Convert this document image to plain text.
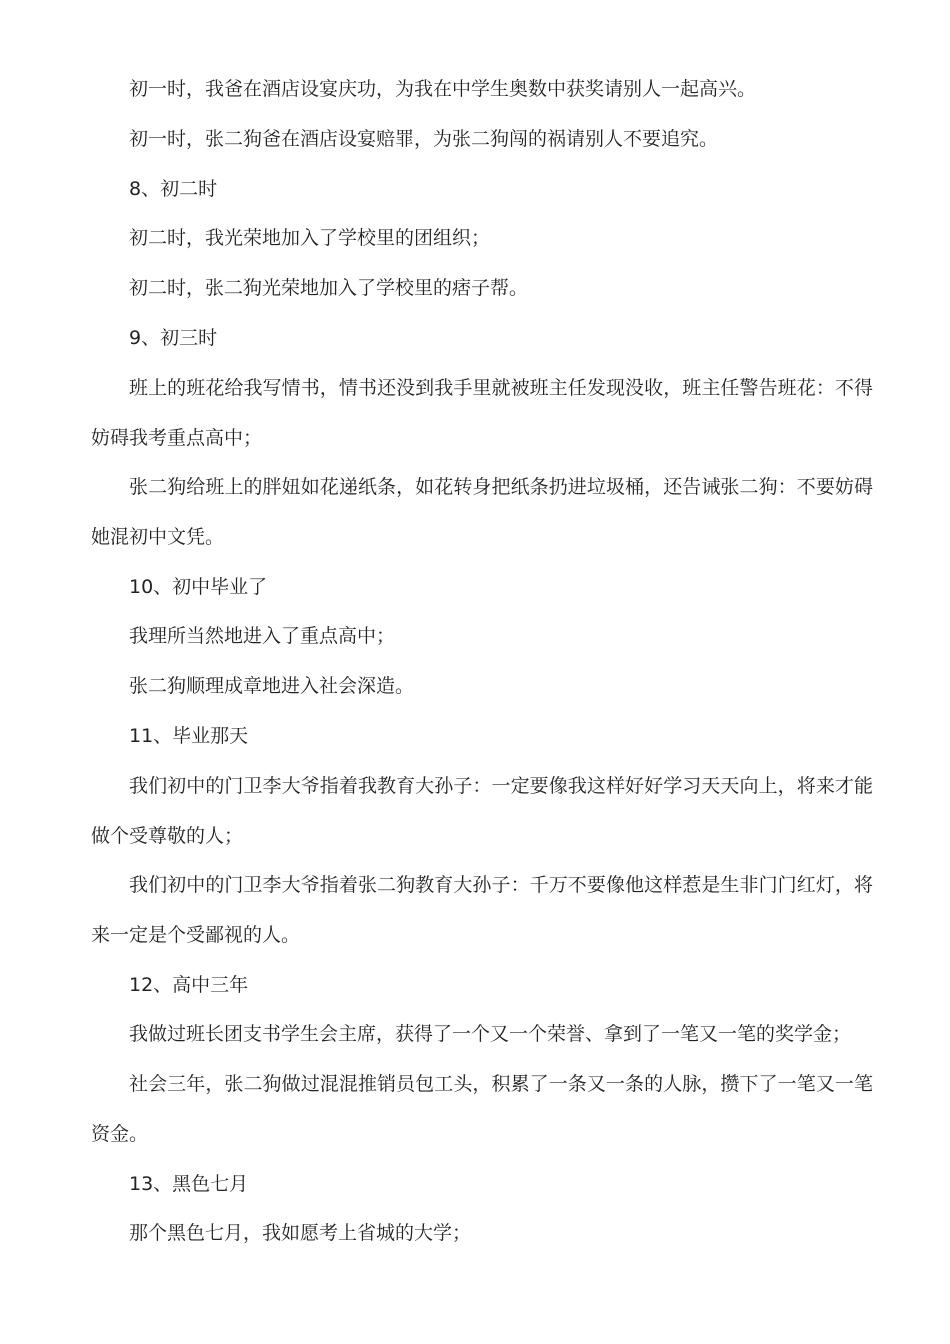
初一时，我爸在酒店设宴庆功，为我在中学生奥数中获奖请别人一起高兴。

初一时，张二狗爸在酒店设宴赔罪，为张二狗闯的祸请别人不要追究。

8、初二时

初二时，我光荣地加入了学校里的团组织；

初二时，张二狗光荣地加入了学校里的痞子帮。

9、初三时

班上的班花给我写情书，情书还没到我手里就被班主任发现没收，班主任警告班花：不得妨碍我考重点高中；

张二狗给班上的胖妞如花递纸条，如花转身把纸条扔进垃圾桶，还告诫张二狗：不要妨碍她混初中文凭。

10、初中毕业了

我理所当然地进入了重点高中；

张二狗顺理成章地进入社会深造。

11、毕业那天

我们初中的门卫李大爷指着我教育大孙子：一定要像我这样好好学习天天向上，将来才能做个受尊敬的人；

我们初中的门卫李大爷指着张二狗教育大孙子：千万不要像他这样惹是生非门门红灯，将来一定是个受鄙视的人。

12、高中三年

我做过班长团支书学生会主席，获得了一个又一个荣誉、拿到了一笔又一笔的奖学金；

社会三年，张二狗做过混混推销员包工头，积累了一条又一条的人脉，攒下了一笔又一笔资金。

13、黑色七月

那个黑色七月，我如愿考上省城的大学；
